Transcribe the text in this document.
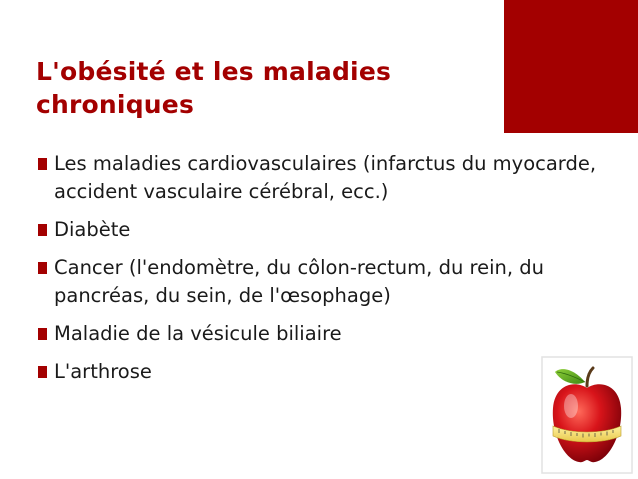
L'obésité et les maladies chroniques
Les maladies cardiovasculaires (infarctus du myocarde, accident vasculaire cérébral, ecc.)
Diabète
Cancer (l'endomètre, du côlon-rectum, du rein, du pancréas, du sein, de l'œsophage)
Maladie de la vésicule biliaire
L'arthrose
